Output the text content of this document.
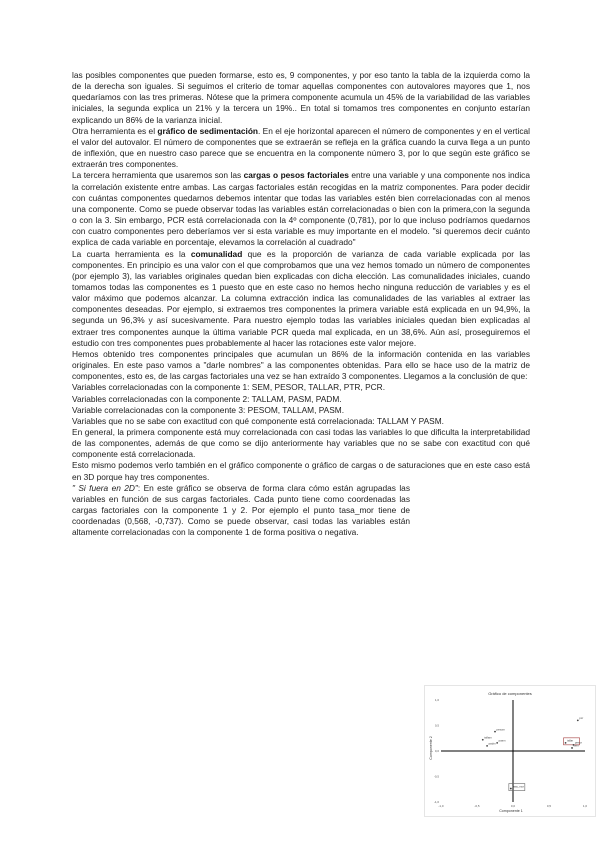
las posibles componentes que pueden formarse, esto es, 9 componentes, y por eso tanto la tabla de la izquierda como la de la derecha son iguales. Si seguimos el criterio de tomar aquellas componentes con autovalores mayores que 1, nos quedaríamos con las tres primeras. Nótese que la primera componente acumula un 45% de la variabilidad de las variables iniciales, la segunda explica un 21% y la tercera un 19%.. En total si tomamos tres componentes en conjunto estarían explicando un 86% de la varianza inicial.

Otra herramienta es el gráfico de sedimentación. En el eje horizontal aparecen el número de componentes y en el vertical el valor del autovalor. El número de componentes que se extraerán se refleja en la gráfica cuando la curva llega a un punto de inflexión, que en nuestro caso parece que se encuentra en la componente número 3, por lo que según este gráfico se extraerán tres componentes.

La tercera herramienta que usaremos son las cargas o pesos factoriales entre una variable y una componente nos indica la correlación existente entre ambas. Las cargas factoriales están recogidas en la matriz componentes. Para poder decidir con cuántas componentes quedarnos debemos intentar que todas las variables estén bien correlacionadas con al menos una componente. Como se puede observar todas las variables están correlacionadas o bien con la primera,con la segunda o con la 3. Sin embargo, PCR está correlacionada con la 4º componente (0,781), por lo que incluso podríamos quedarnos con cuatro componentes pero deberíamos ver si esta variable es muy importante en el modelo. "si queremos decir cuánto explica de cada variable en porcentaje, elevamos la correlación al cuadrado"

La cuarta herramienta es la comunalidad que es la proporción de varianza de cada variable explicada por las componentes. En principio es una valor con el que comprobamos que una vez hemos tomado un número de componentes (por ejemplo 3), las variables originales quedan bien explicadas con dicha elección. Las comunalidades iniciales, cuando tomamos todas las componentes es 1 puesto que en este caso no hemos hecho ninguna reducción de variables y es el valor máximo que podemos alcanzar. La columna extracción indica las comunalidades de las variables al extraer las componentes deseadas. Por ejemplo, si extraemos tres componentes la primera variable está explicada en un 94,9%, la segunda un 96,3% y así sucesivamente. Para nuestro ejemplo todas las variables iniciales quedan bien explicadas al extraer tres componentes aunque la última variable PCR queda mal explicada, en un 38,6%. Aún así, proseguiremos el estudio con tres componentes pues probablemente al hacer las rotaciones este valor mejore.

Hemos obtenido tres componentes principales que acumulan un 86% de la información contenida en las variables originales. En este paso vamos a "darle nombres" a las componentes obtenidas. Para ello se hace uso de la matriz de componentes, esto es, de las cargas factoriales una vez se han extraído 3 componentes. Llegamos a la conclusión de que:

Variables correlacionadas con la componente 1: SEM, PESOR, TALLAR, PTR, PCR.

Variables correlacionadas con la componente 2: TALLAM, PASM, PADM.

Variable correlacionadas con la componente 3: PESOM, TALLAM, PASM.

Variables que no se sabe con exactitud con qué componente está correlacionada: TALLAM Y PASM.

En general, la primera componente está muy correlacionada con casi todas las variables lo que dificulta la interpretabilidad de las componentes, además de que como se dijo anteriormente hay variables que no se sabe con exactitud con qué componente está correlacionada.

Esto mismo podemos verlo también en el gráfico componente o gráfico de cargas o de saturaciones que en este caso está en 3D porque hay tres componentes.

" Si fuera en 2D": En este gráfico se observa de forma clara cómo están agrupadas las variables en función de sus cargas factoriales. Cada punto tiene como coordenadas las cargas factoriales con la componente 1 y 2. Por ejemplo el punto tasa_mor tiene de coordenadas (0,568, -0,737). Como se puede observar, casi todas las variables están altamente correlacionadas con la componente 1 de forma positiva o negativa.

Gráfico de componentes
Componente 2
Componente 1
-1,0	-0,5	0,0	0,5	1,0
1,0
0,5
0,0
-0,5
-1,0
pesom
tallam
pasm
padm
pcr
tallar
pesor
sem
tasa_mor
